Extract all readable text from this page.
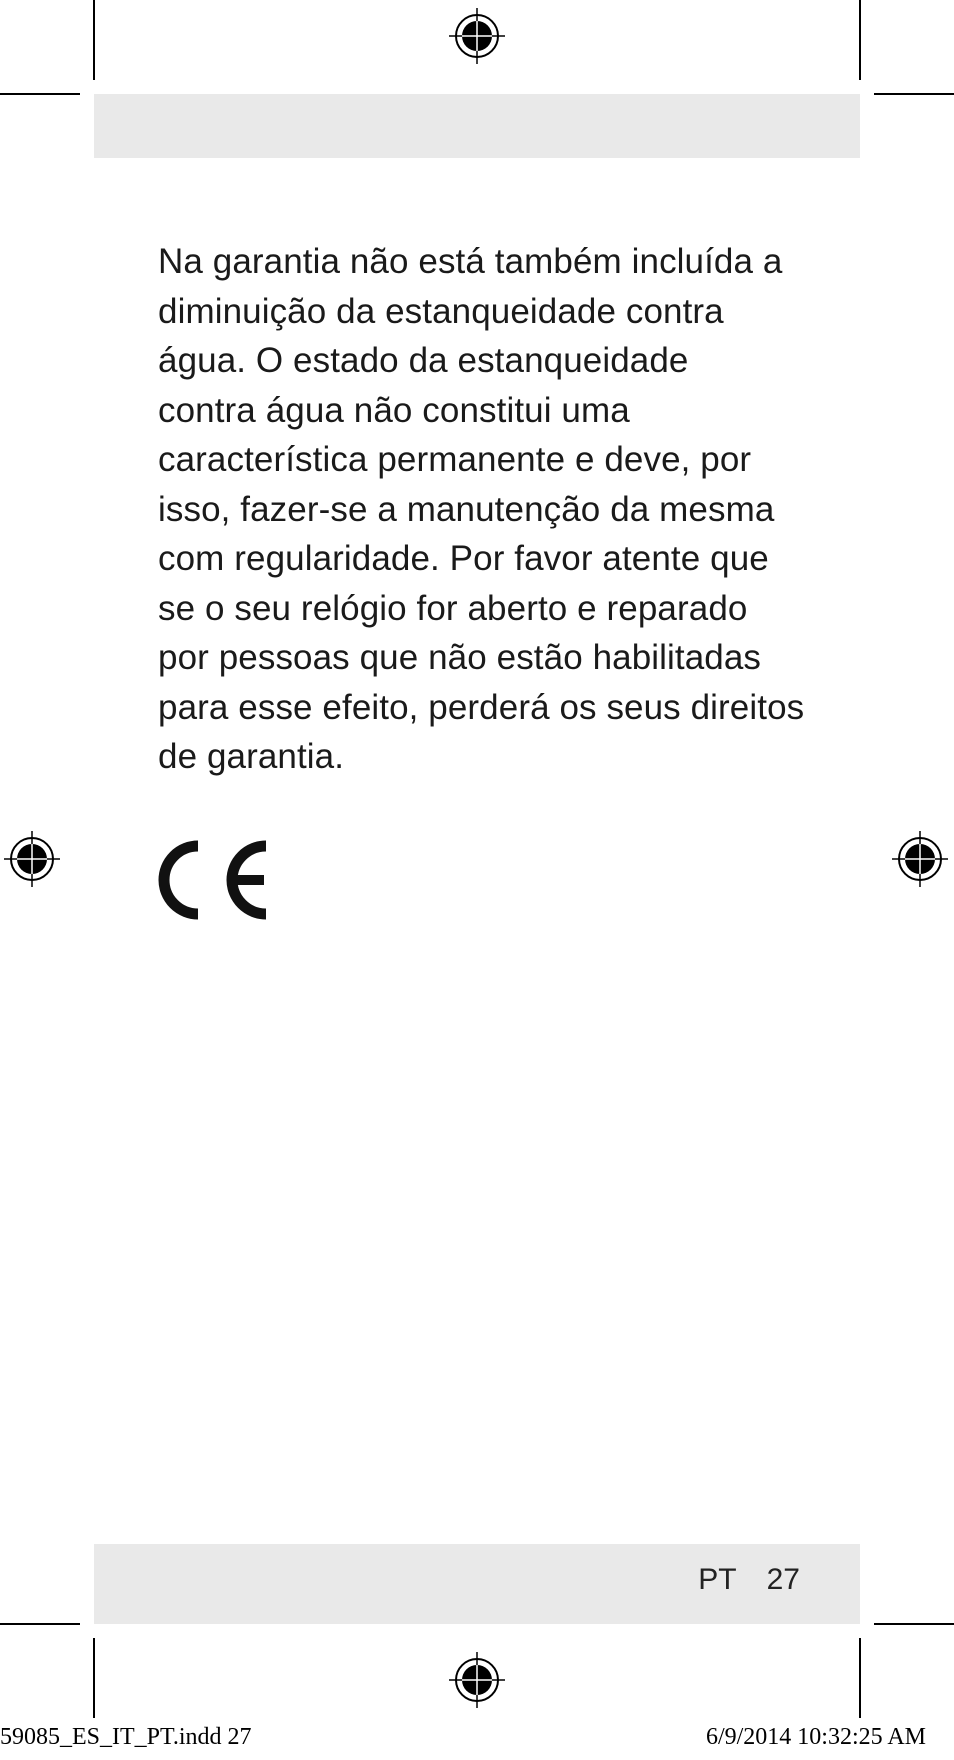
Na garantia não está também incluída a
diminuição da estanqueidade contra
água. O estado da estanqueidade
contra água não constitui uma
característica permanente e deve, por
isso, fazer-se a manutenção da mesma
com regularidade. Por favor atente que
se o seu relógio for aberto e reparado
por pessoas que não estão habilitadas
para esse efeito, perderá os seus direitos
de garantia.
PT 27
59085_ES_IT_PT.indd 27	6/9/2014 10:32:25 AM
